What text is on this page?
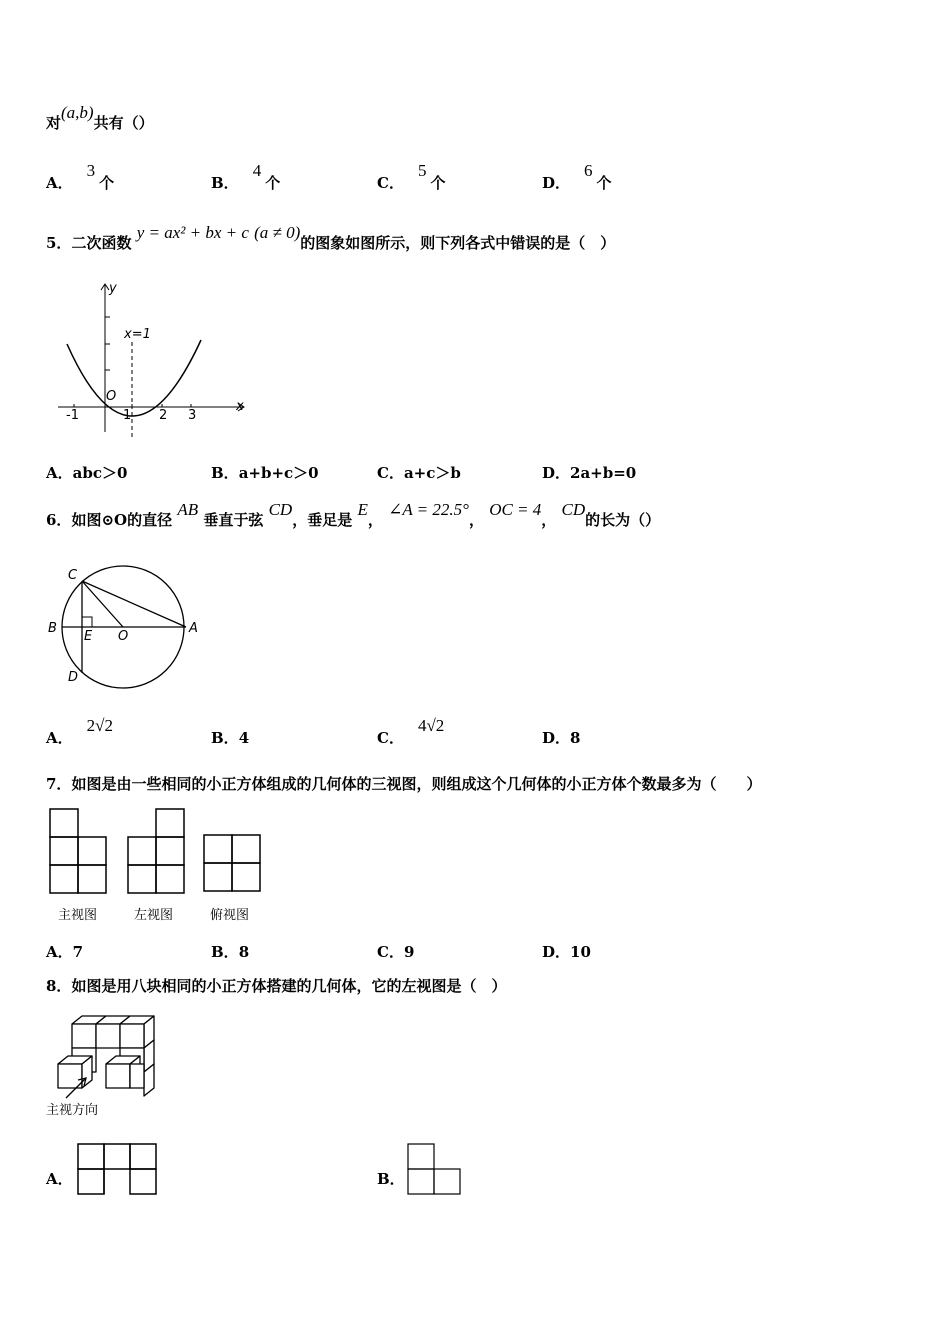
对(a,b)共有（）
A．3个	B．4个	C．5个	D．6个
5．二次函数 y = ax² + bx + c (a ≠ 0)的图象如图所示，则下列各式中错误的是（　）
y
x
O
x=1
-1	1 2 3
A．abc＞0	B．a+b+c＞0	C．a+c＞b	D．2a+b=0
6．如图⊙O的直径 AB 垂直于弦 CD，垂足是 E， ∠A = 22.5°， OC = 4， CD的长为（）
C
B
E O
A
D
A．2√2
B．4	C．4√2
D．8
7．如图是由一些相同的小正方体组成的几何体的三视图，则组成这个几何体的小正方体个数最多为（　　）
主视图	左视图	俯视图
A．7	B．8	C．9	D．10
8．如图是用八块相同的小正方体搭建的几何体，它的左视图是（　）
主视方向
A．	B．
